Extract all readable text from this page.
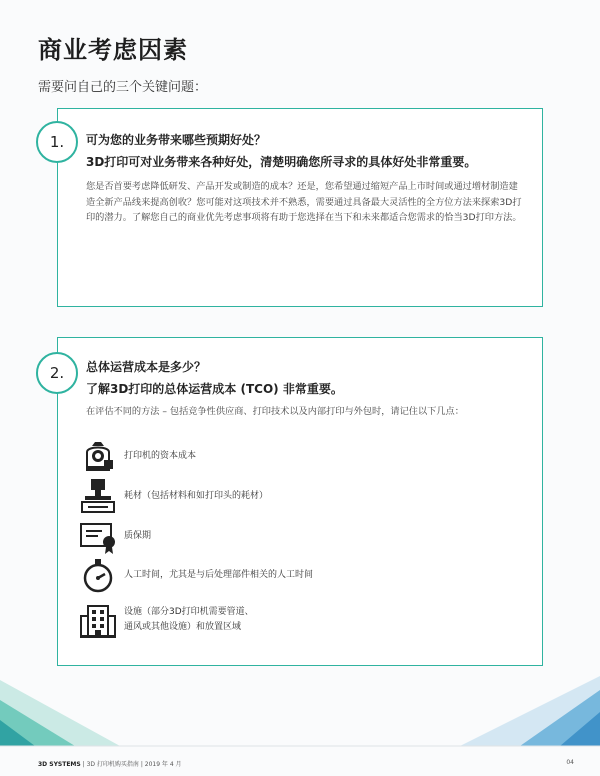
商业考虑因素
需要问自己的三个关键问题：
1.	可为您的业务带来哪些预期好处？
3D打印可对业务带来各种好处，清楚明确您所寻求的具体好处非常重要。
您是否首要考虑降低研发、产品开发或制造的成本？还是，您希望通过缩短产品上市时间或通过增材制造建造全新产品线来提高创收？您可能对这项技术并不熟悉，需要通过具备最大灵活性的全方位方法来探索3D打印的潜力。了解您自己的商业优先考虑事项将有助于您选择在当下和未来都适合您需求的恰当3D打印方法。
2.	总体运营成本是多少？
了解3D打印的总体运营成本 (TCO) 非常重要。
在评估不同的方法 – 包括竞争性供应商、打印技术以及内部打印与外包时，请记住以下几点：
打印机的资本成本
耗材（包括材料和如打印头的耗材）
质保期
人工时间，尤其是与后处理部件相关的人工时间
设施（部分3D打印机需要管道、
通风或其他设施）和放置区域
3D SYSTEMS | 3D 打印机购买指南 | 2019 年 4 月	04
